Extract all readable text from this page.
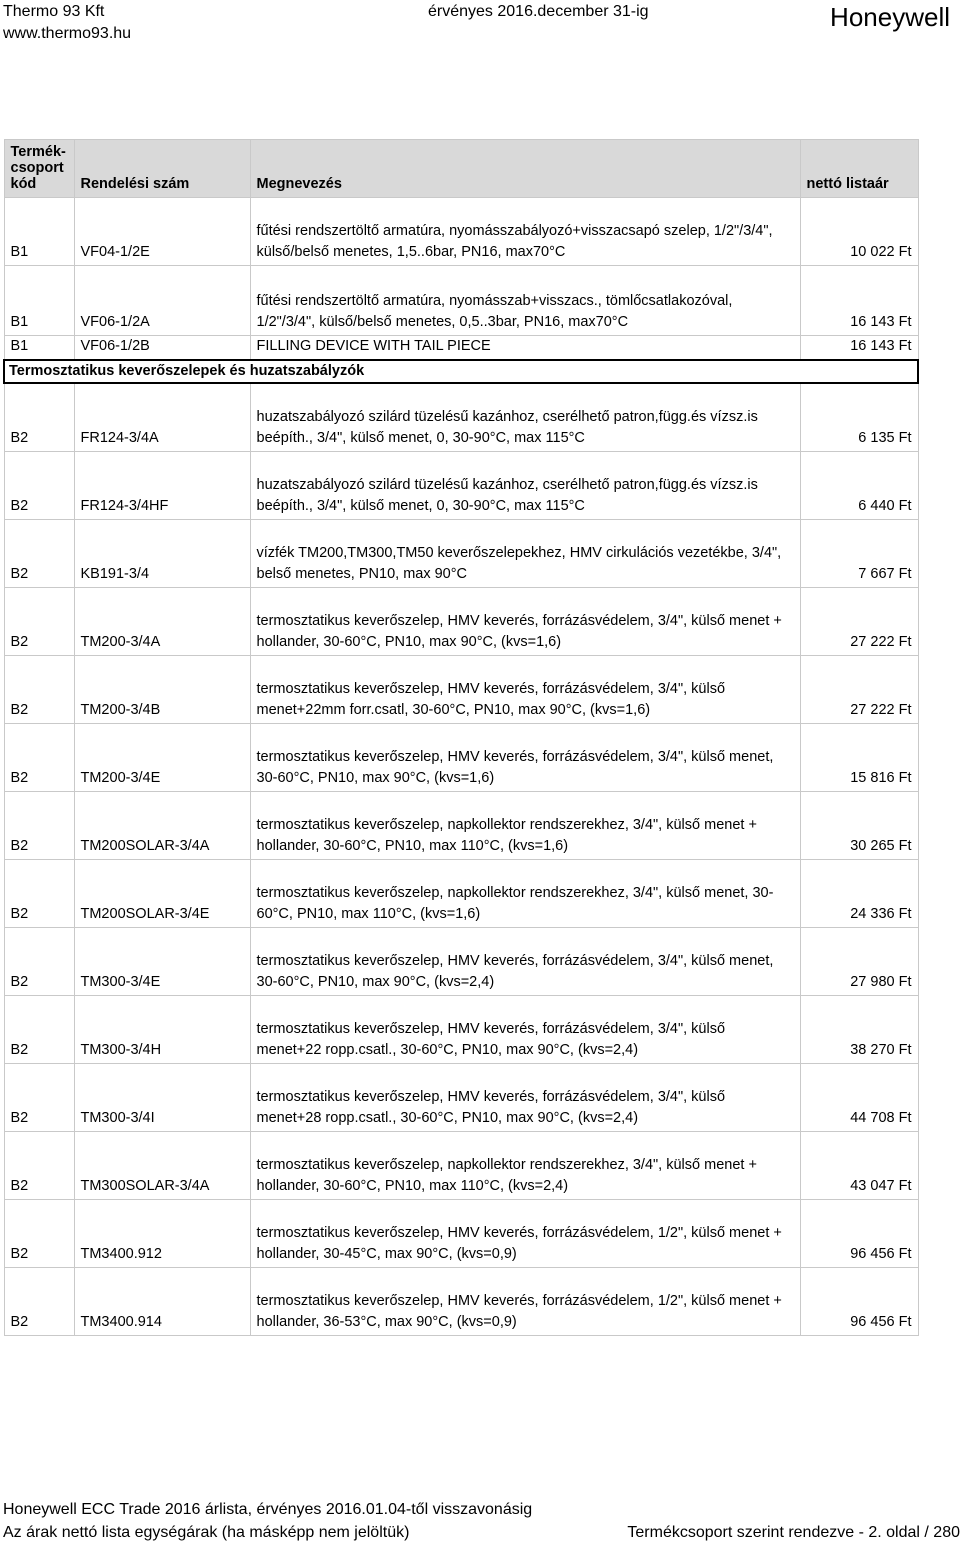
Thermo 93 Kft
www.thermo93.hu
érvényes 2016.december 31-ig	Honeywell
Termék-
csoport
kód	Rendelési szám	Megnevezés	nettó listaár
B1	VF04-1/2E	fűtési rendszertöltő armatúra, nyomásszabályozó+visszacsapó szelep, 1/2"/3/4", külső/belső menetes, 1,5..6bar, PN16, max70°C	10 022 Ft
B1	VF06-1/2A	fűtési rendszertöltő armatúra, nyomásszab+visszacs., tömlőcsatlakozóval, 1/2"/3/4", külső/belső menetes, 0,5..3bar, PN16, max70°C	16 143 Ft
B1	VF06-1/2B	FILLING DEVICE WITH TAIL PIECE	16 143 Ft
Termosztatikus keverőszelepek és huzatszabályzók			
B2	FR124-3/4A	huzatszabályozó szilárd tüzelésű kazánhoz, cserélhető patron,függ.és vízsz.is beépíth., 3/4", külső menet, 0, 30-90°C, max 115°C	6 135 Ft
B2	FR124-3/4HF	huzatszabályozó szilárd tüzelésű kazánhoz, cserélhető patron,függ.és vízsz.is beépíth., 3/4", külső menet, 0, 30-90°C, max 115°C	6 440 Ft
B2	KB191-3/4	vízfék TM200,TM300,TM50 keverőszelepekhez, HMV cirkulációs vezetékbe, 3/4", belső menetes, PN10, max 90°C	7 667 Ft
B2	TM200-3/4A	termosztatikus keverőszelep, HMV keverés, forrázásvédelem, 3/4", külső menet + hollander, 30-60°C, PN10, max 90°C, (kvs=1,6)	27 222 Ft
B2	TM200-3/4B	termosztatikus keverőszelep, HMV keverés, forrázásvédelem, 3/4", külső menet+22mm forr.csatl, 30-60°C, PN10, max 90°C, (kvs=1,6)	27 222 Ft
B2	TM200-3/4E	termosztatikus keverőszelep, HMV keverés, forrázásvédelem, 3/4", külső menet, 30-60°C, PN10, max 90°C, (kvs=1,6)	15 816 Ft
B2	TM200SOLAR-3/4A	termosztatikus keverőszelep, napkollektor rendszerekhez, 3/4", külső menet + hollander, 30-60°C, PN10, max 110°C, (kvs=1,6)	30 265 Ft
B2	TM200SOLAR-3/4E	termosztatikus keverőszelep, napkollektor rendszerekhez, 3/4", külső menet, 30-60°C, PN10, max 110°C, (kvs=1,6)	24 336 Ft
B2	TM300-3/4E	termosztatikus keverőszelep, HMV keverés, forrázásvédelem, 3/4", külső menet, 30-60°C, PN10, max 90°C, (kvs=2,4)	27 980 Ft
B2	TM300-3/4H	termosztatikus keverőszelep, HMV keverés, forrázásvédelem, 3/4", külső menet+22 ropp.csatl., 30-60°C, PN10, max 90°C, (kvs=2,4)	38 270 Ft
B2	TM300-3/4I	termosztatikus keverőszelep, HMV keverés, forrázásvédelem, 3/4", külső menet+28 ropp.csatl., 30-60°C, PN10, max 90°C, (kvs=2,4)	44 708 Ft
B2	TM300SOLAR-3/4A	termosztatikus keverőszelep, napkollektor rendszerekhez, 3/4", külső menet + hollander, 30-60°C, PN10, max 110°C, (kvs=2,4)	43 047 Ft
B2	TM3400.912	termosztatikus keverőszelep, HMV keverés, forrázásvédelem, 1/2", külső menet + hollander, 30-45°C, max 90°C, (kvs=0,9)	96 456 Ft
B2	TM3400.914	termosztatikus keverőszelep, HMV keverés, forrázásvédelem, 1/2", külső menet + hollander, 36-53°C, max 90°C, (kvs=0,9)	96 456 Ft
Honeywell ECC Trade 2016 árlista, érvényes 2016.01.04-től visszavonásig
Az árak nettó lista egységárak (ha másképp nem jelöltük)	Termékcsoport szerint rendezve - 2. oldal / 280
